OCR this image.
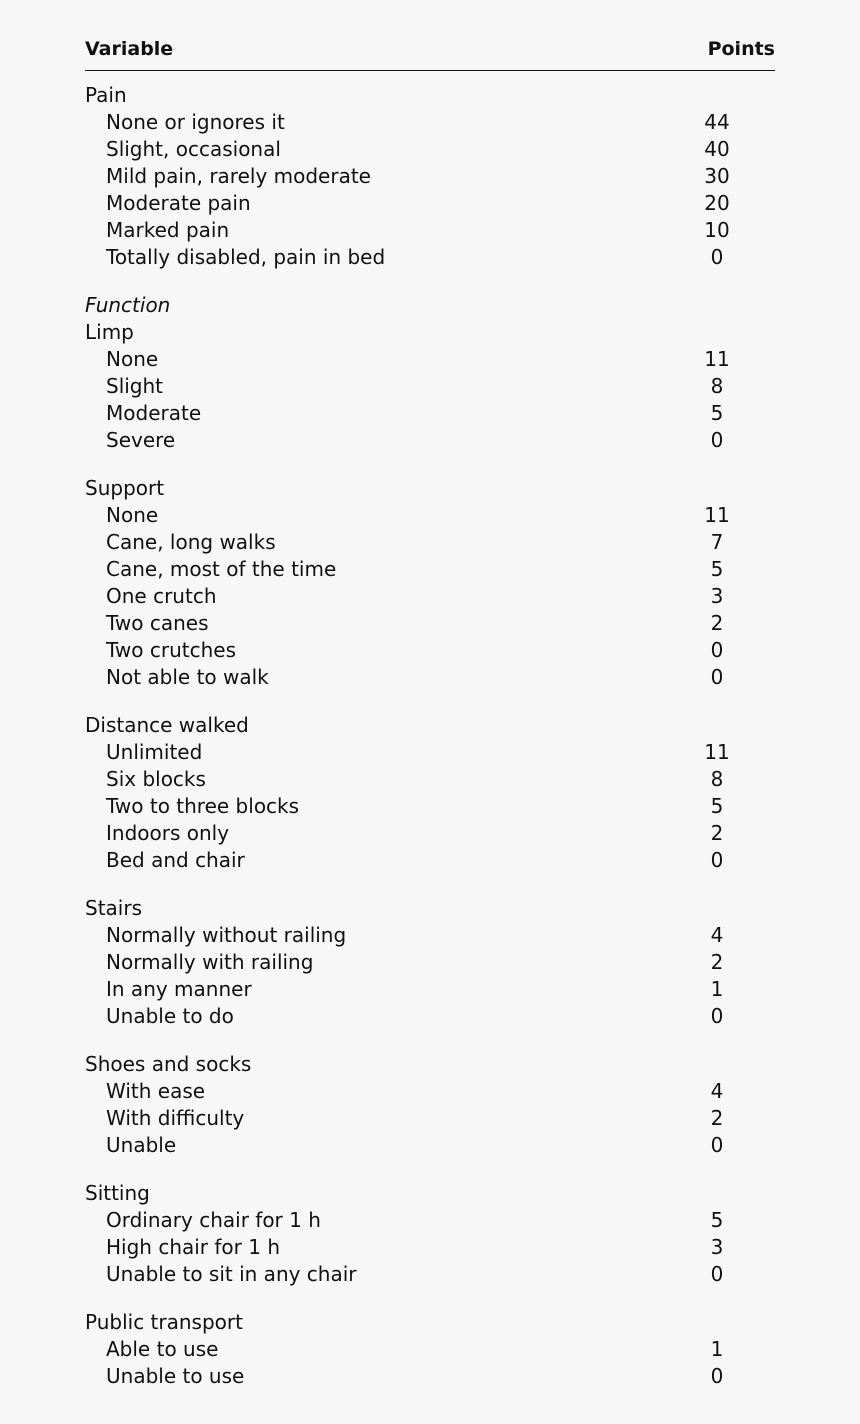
Variable	Points
Pain
None or ignores it	44
Slight, occasional	40
Mild pain, rarely moderate	30
Moderate pain	20
Marked pain	10
Totally disabled, pain in bed	0
Function
Limp
None	11
Slight	8
Moderate	5
Severe	0
Support
None	11
Cane, long walks	7
Cane, most of the time	5
One crutch	3
Two canes	2
Two crutches	0
Not able to walk	0
Distance walked
Unlimited	11
Six blocks	8
Two to three blocks	5
Indoors only	2
Bed and chair	0
Stairs
Normally without railing	4
Normally with railing	2
In any manner	1
Unable to do	0
Shoes and socks
With ease	4
With difficulty	2
Unable	0
Sitting
Ordinary chair for 1 h	5
High chair for 1 h	3
Unable to sit in any chair	0
Public transport
Able to use	1
Unable to use	0
